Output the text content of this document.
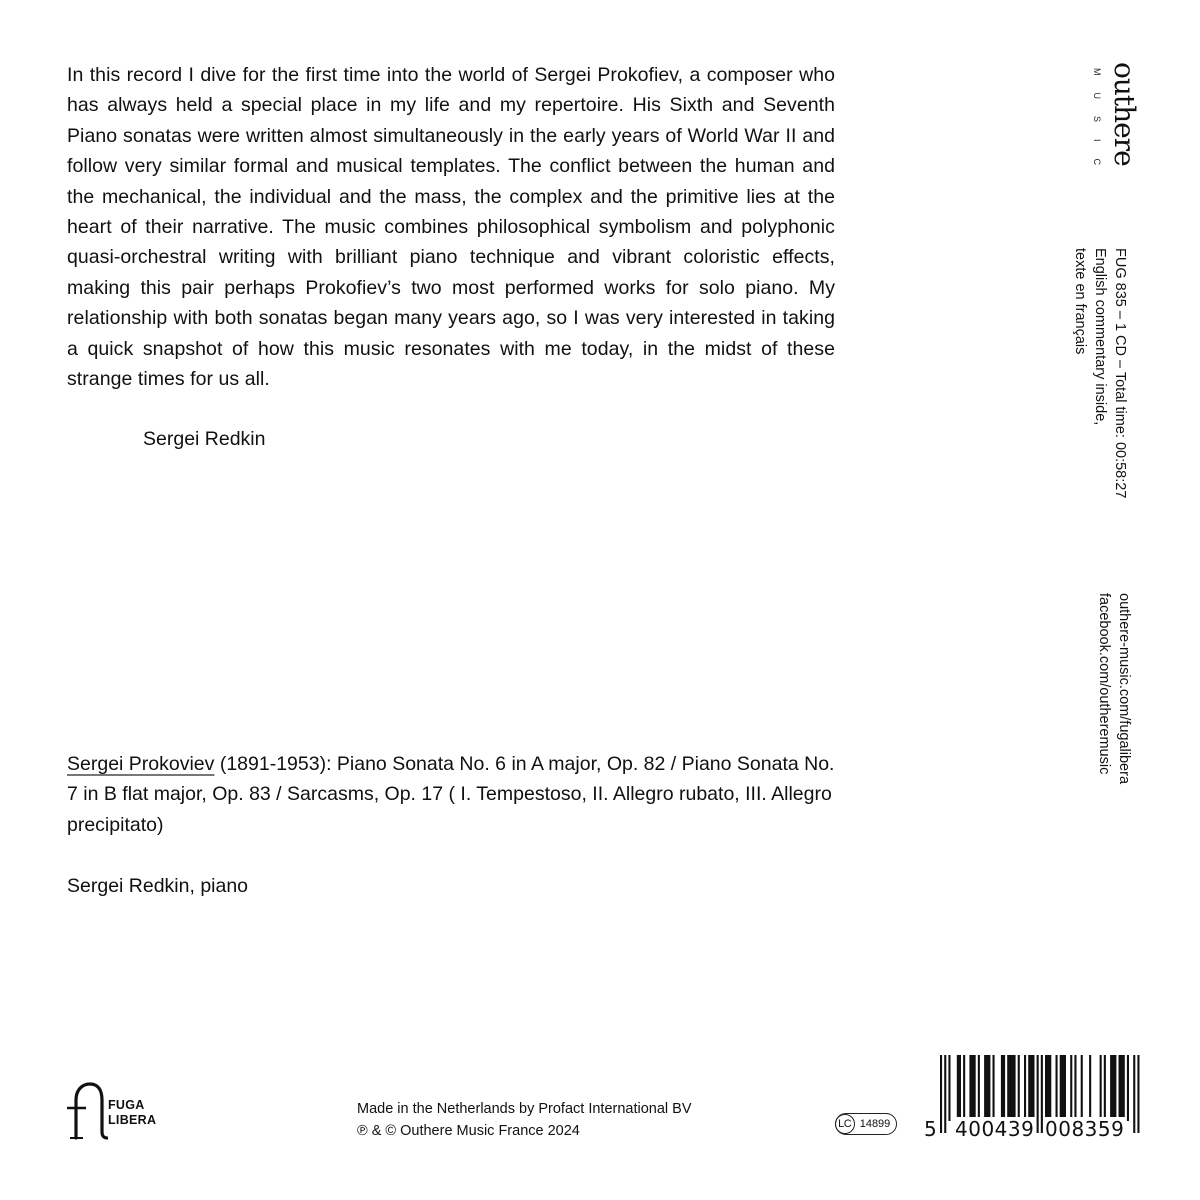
In this record I dive for the first time into the world of Sergei Prokofiev, a composer who has always held a special place in my life and my repertoire. His Sixth and Seventh Piano sonatas were written almost simultaneously in the early years of World War II and follow very similar formal and musical templates. The conflict between the human and the mechanical, the individual and the mass, the complex and the primitive lies at the heart of their narrative. The music combines philosophical symbolism and polyphonic quasi-orchestral writing with brilliant piano technique and vibrant coloristic effects, making this pair perhaps Prokofiev’s two most performed works for solo piano. My relationship with both sonatas began many years ago, so I was very interested in taking a quick snapshot of how this music resonates with me today, in the midst of these strange times for us all.

Sergei Redkin

Sergei Prokoviev (1891-1953): Piano Sonata No. 6 in A major, Op. 82 / Piano Sonata No. 7 in B flat major, Op. 83 / Sarcasms, Op. 17 ( I. Tempestoso, II. Allegro rubato, III. Allegro precipitato)

Sergei Redkin, piano
outhere
MUSIC
FUG 835 – 1 CD – Total time: 00:58:27
English commentary inside,
texte en français
outhere-music.com/fugalibera
facebook.com/outheremusic
FUGA
LIBERA
Made in the Netherlands by Profact International BV
℗ & © Outhere Music France 2024	LC 14899 5 400439 008359
